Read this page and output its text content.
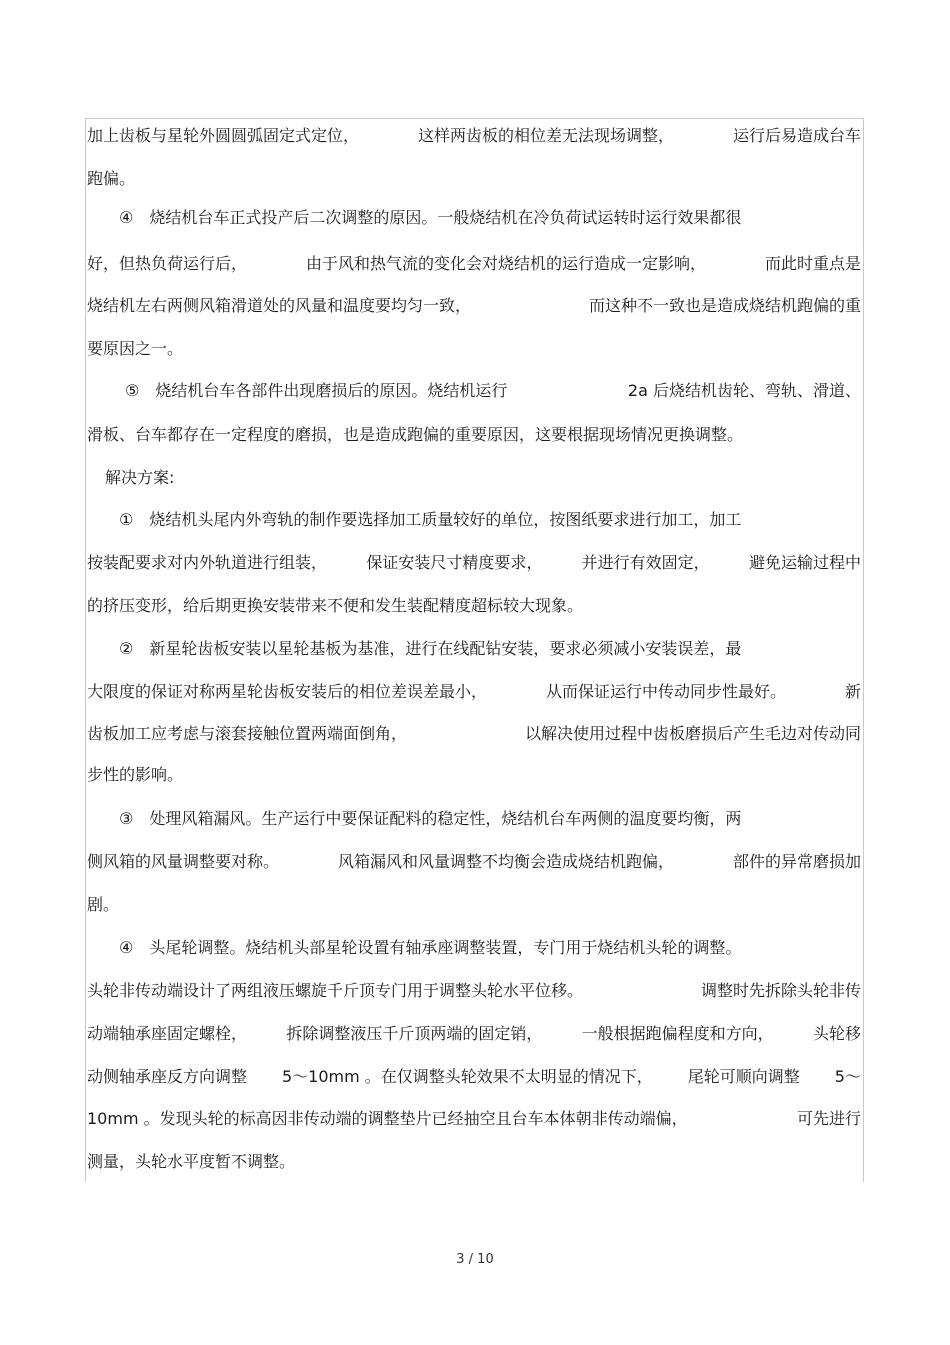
加上齿板与星轮外圆圆弧固定式定位，	这样两齿板的相位差无法现场调整，	运行后易造成台车
跑偏。
④　烧结机台车正式投产后二次调整的原因。一般烧结机在冷负荷试运转时运行效果都很
好，但热负荷运行后，	由于风和热气流的变化会对烧结机的运行造成一定影响，	而此时重点是
烧结机左右两侧风箱滑道处的风量和温度要均匀一致，	而这种不一致也是造成烧结机跑偏的重
要原因之一。
⑤　烧结机台车各部件出现磨损后的原因。烧结机运行	2a 后烧结机齿轮、弯轨、滑道、
滑板、台车都存在一定程度的磨损，也是造成跑偏的重要原因，这要根据现场情况更换调整。
解决方案:
①　烧结机头尾内外弯轨的制作要选择加工质量较好的单位，按图纸要求进行加工，加工
按装配要求对内外轨道进行组装， 保证安装尺寸精度要求， 并进行有效固定， 避免运输过程中
的挤压变形，给后期更换安装带来不便和发生装配精度超标较大现象。
②　新星轮齿板安装以星轮基板为基准，进行在线配钻安装，要求必须减小安装误差，最
大限度的保证对称两星轮齿板安装后的相位差误差最小，	从而保证运行中传动同步性最好。	新
齿板加工应考虑与滚套接触位置两端面倒角，	以解决使用过程中齿板磨损后产生毛边对传动同
步性的影响。
③　处理风箱漏风。生产运行中要保证配料的稳定性，烧结机台车两侧的温度要均衡，两
侧风箱的风量调整要对称。	风箱漏风和风量调整不均衡会造成烧结机跑偏，	部件的异常磨损加
剧。
④　头尾轮调整。烧结机头部星轮设置有轴承座调整装置，专门用于烧结机头轮的调整。
头轮非传动端设计了两组液压螺旋千斤顶专门用于调整头轮水平位移。	调整时先拆除头轮非传
动端轴承座固定螺栓， 拆除调整液压千斤顶两端的固定销， 一般根据跑偏程度和方向， 头轮移
动侧轴承座反方向调整 5～10mm 。在仅调整头轮效果不太明显的情况下， 尾轮可顺向调整 5～
10mm 。发现头轮的标高因非传动端的调整垫片已经抽空且台车本体朝非传动端偏，	可先进行
测量，头轮水平度暂不调整。
3 / 10
